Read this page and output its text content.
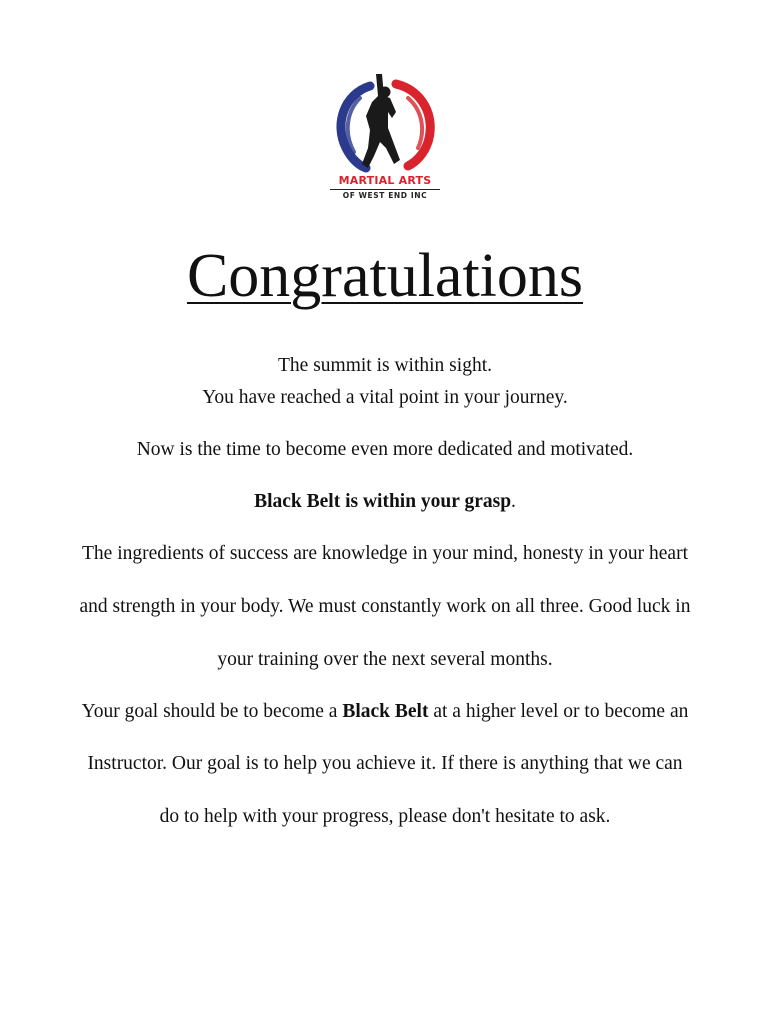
MARTIAL ARTS
OF WEST END INC
Congratulations
The summit is within sight.
You have reached a vital point in your journey.
Now is the time to become even more dedicated and motivated.
Black Belt is within your grasp.
The ingredients of success are knowledge in your mind, honesty in your heart
and strength in your body. We must constantly work on all three. Good luck in
your training over the next several months.
Your goal should be to become a Black Belt at a higher level or to become an
Instructor. Our goal is to help you achieve it. If there is anything that we can
do to help with your progress, please don't hesitate to ask.
